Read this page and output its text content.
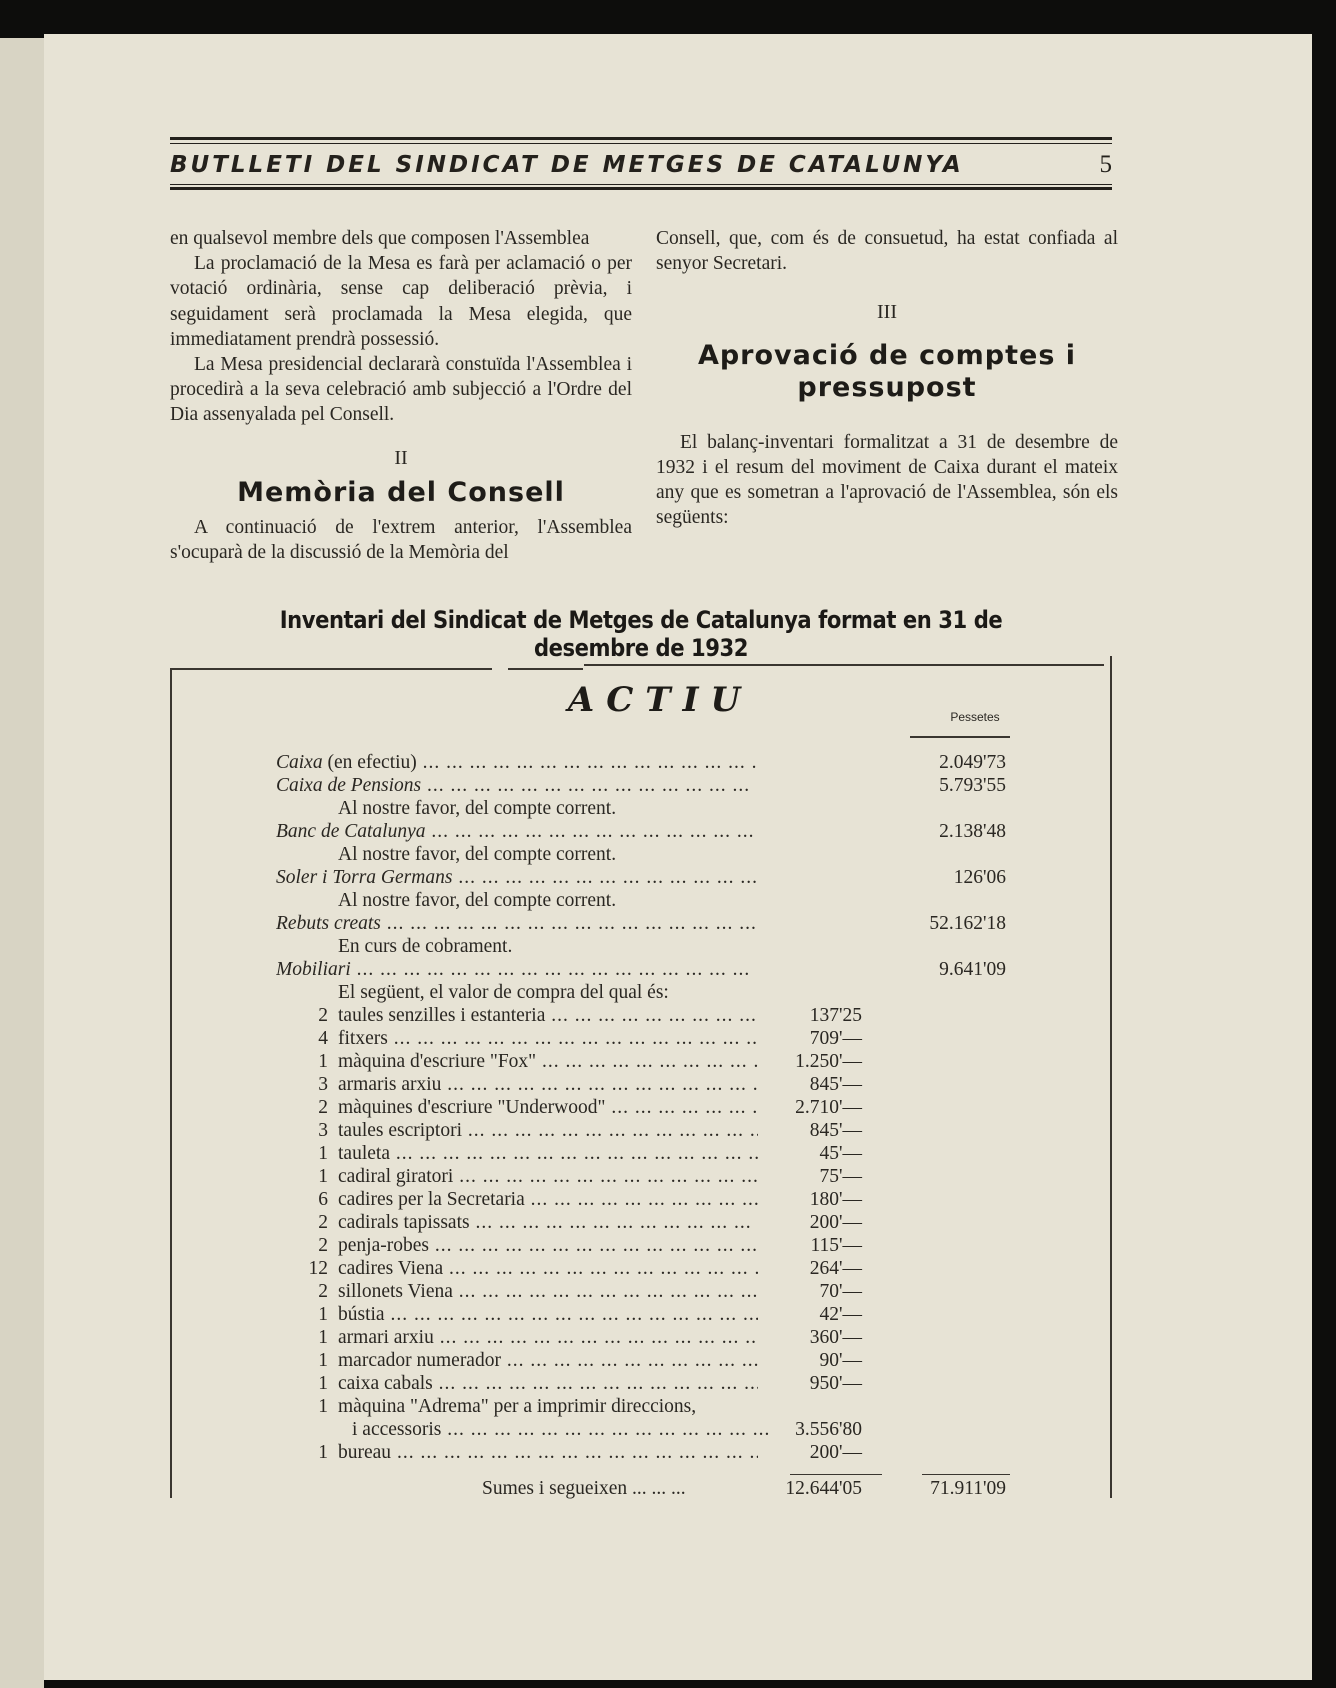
BUTLLETI DEL SINDICAT DE METGES DE CATALUNYA	5

en qualsevol membre dels que composen l'Assemblea

La proclamació de la Mesa es farà per aclamació o per votació ordinària, sense cap deliberació prèvia, i seguidament serà proclamada la Mesa elegida, que immediatament prendrà possessió.

La Mesa presidencial declararà constuïda l'Assemblea i procedirà a la seva celebració amb subjecció a l'Ordre del Dia assenyalada pel Consell.

II

Memòria del Consell

A continuació de l'extrem anterior, l'Assemblea s'ocuparà de la discussió de la Memòria del

Consell, que, com és de consuetud, ha estat confiada al senyor Secretari.

III

Aprovació de comptes i pressupost

El balanç-inventari formalitzat a 31 de desembre de 1932 i el resum del moviment de Caixa durant el mateix any que es sometran a l'aprovació de l'Assemblea, són els següents:

Inventari del Sindicat de Metges de Catalunya format en 31 de desembre de 1932
ACTIU	Pessetes
Caixa (en efectiu) ... .	2.049'73
Caixa de Pensions ... .	5.793'55
Al nostre favor, del compte corrent.
Banc de Catalunya ... .	2.138'48
Al nostre favor, del compte corrent.
Soler i Torra Germans ... .	126'06
Al nostre favor, del compte corrent.
Rebuts creats ... .	52.162'18
En curs de cobrament.
Mobiliari ... .	9.641'09
El següent, el valor de compra del qual és:
2 taules senzilles i estanteria ... .	137'25
4 fitxers ... .	709'—
1 màquina d'escriure "Fox" ... .	1.250'—
3 armaris arxiu ... .	845'—
2 màquines d'escriure "Underwood" ... .	2.710'—
3 taules escriptori ... .	845'—
1 tauleta ... .	45'—
1 cadiral giratori ... .	75'—
6 cadires per la Secretaria ... .	180'—
2 cadirals tapissats ... .	200'—
2 penja-robes ... .	115'—
12 cadires Viena ... .	264'—
2 sillonets Viena ... .	70'—
1 bústia ... .	42'—
1 armari arxiu ... .	360'—
1 marcador numerador ... .	90'—
1 caixa cabals ... .	950'—
1 màquina "Adrema" per a imprimir direccions,
i accessoris ... .	3.556'80
1 bureau ... .	200'—
Sumes i segueixen ... ... ...	12.644'05	71.911'09
